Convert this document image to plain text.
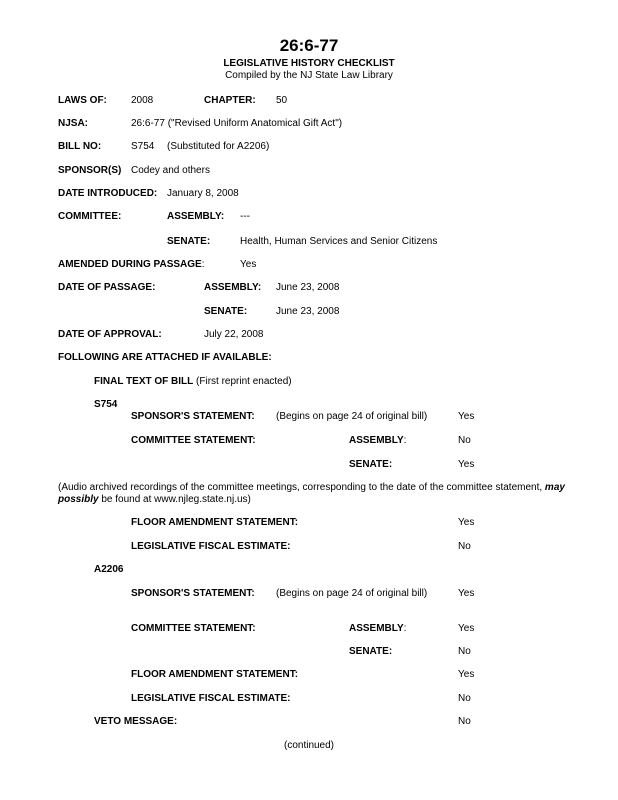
26:6-77
LEGISLATIVE HISTORY CHECKLIST
Compiled by the NJ State Law Library
LAWS OF: 2008	CHAPTER: 50
NJSA:	26:6-77 ("Revised Uniform Anatomical Gift Act")
BILL NO:	S754 (Substituted for A2206)
SPONSOR(S) Codey and others
DATE INTRODUCED: January 8, 2008
COMMITTEE:	ASSEMBLY: ---
SENATE:	Health, Human Services and Senior Citizens
AMENDED DURING PASSAGE:	Yes
DATE OF PASSAGE:	ASSEMBLY: June 23, 2008
SENATE:	June 23, 2008
DATE OF APPROVAL:	July 22, 2008
FOLLOWING ARE ATTACHED IF AVAILABLE:
FINAL TEXT OF BILL (First reprint enacted)
S754
SPONSOR'S STATEMENT: (Begins on page 24 of original bill)	Yes
COMMITTEE STATEMENT:	ASSEMBLY:	No
SENATE:	Yes
(Audio archived recordings of the committee meetings, corresponding to the date of the committee statement, may possibly be found at www.njleg.state.nj.us)
FLOOR AMENDMENT STATEMENT:	Yes
LEGISLATIVE FISCAL ESTIMATE:	No
A2206
SPONSOR'S STATEMENT: (Begins on page 24 of original bill)	Yes
COMMITTEE STATEMENT:	ASSEMBLY:	Yes
SENATE:	No
FLOOR AMENDMENT STATEMENT:	Yes
LEGISLATIVE FISCAL ESTIMATE:	No
VETO MESSAGE:	No
(continued)
